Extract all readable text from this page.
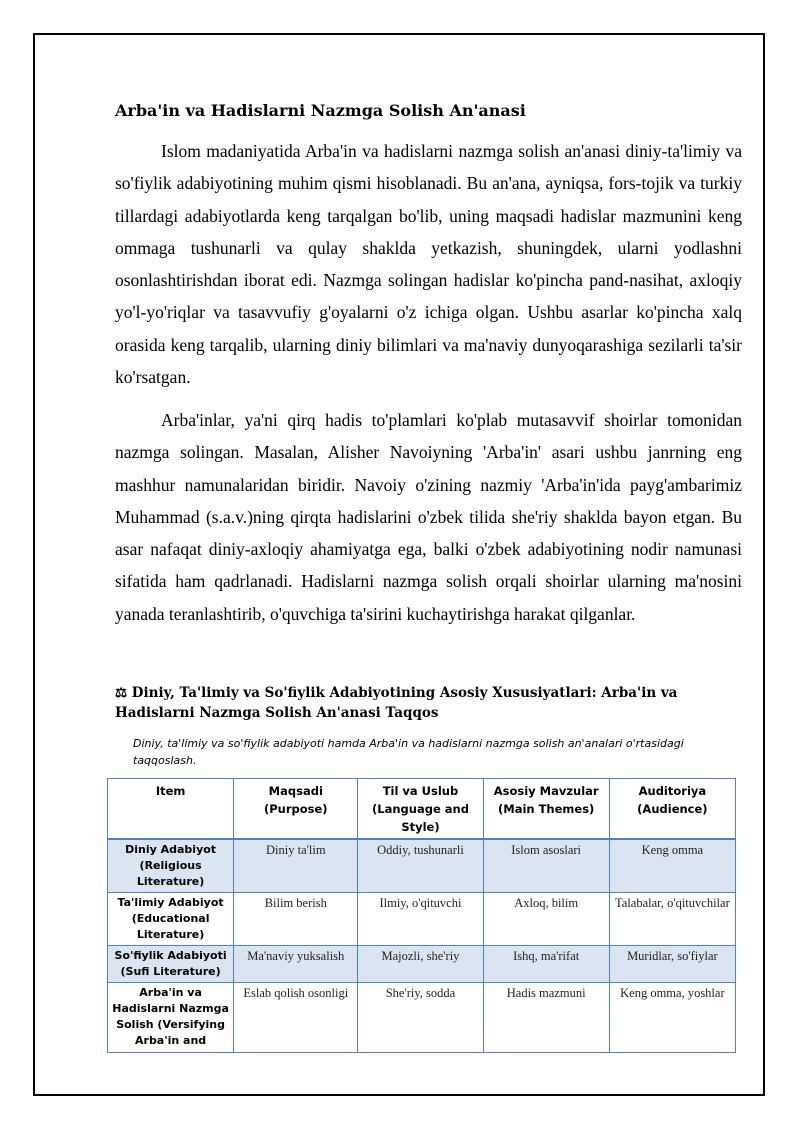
Arba'in va Hadislarni Nazmga Solish An'anasi

Islom madaniyatida Arba'in va hadislarni nazmga solish an'anasi diniy-ta'limiy va so'fiylik adabiyotining muhim qismi hisoblanadi. Bu an'ana, ayniqsa, fors-tojik va turkiy tillardagi adabiyotlarda keng tarqalgan bo'lib, uning maqsadi hadislar mazmunini keng ommaga tushunarli va qulay shaklda yetkazish, shuningdek, ularni yodlashni osonlashtirishdan iborat edi. Nazmga solingan hadislar ko'pincha pand-nasihat, axloqiy yo'l-yo'riqlar va tasavvufiy g'oyalarni o'z ichiga olgan. Ushbu asarlar ko'pincha xalq orasida keng tarqalib, ularning diniy bilimlari va ma'naviy dunyoqarashiga sezilarli ta'sir ko'rsatgan.

Arba'inlar, ya'ni qirq hadis to'plamlari ko'plab mutasavvif shoirlar tomonidan nazmga solingan. Masalan, Alisher Navoiyning 'Arba'in' asari ushbu janrning eng mashhur namunalaridan biridir. Navoiy o'zining nazmiy 'Arba'in'ida payg'ambarimiz Muhammad (s.a.v.)ning qirqta hadislarini o'zbek tilida she'riy shaklda bayon etgan. Bu asar nafaqat diniy-axloqiy ahamiyatga ega, balki o'zbek adabiyotining nodir namunasi sifatida ham qadrlanadi. Hadislarni nazmga solish orqali shoirlar ularning ma'nosini yanada teranlashtirib, o'quvchiga ta'sirini kuchaytirishga harakat qilganlar.

⚖ Diniy, Ta'limiy va So'fiylik Adabiyotining Asosiy Xususiyatlari: Arba'in va Hadislarni Nazmga Solish An'anasi Taqqos

Diniy, ta'limiy va so'fiylik adabiyoti hamda Arba'in va hadislarni nazmga solish an'analari o'rtasidagi taqqoslash.

Item	Maqsadi (Purpose)	Til va Uslub (Language and Style)	Asosiy Mavzular (Main Themes)	Auditoriya (Audience)
Diniy Adabiyot (Religious Literature)	Diniy ta'lim	Oddiy, tushunarli	Islom asoslari	Keng omma
Ta'limiy Adabiyot (Educational Literature)	Bilim berish	Ilmiy, o'qituvchi	Axloq, bilim	Talabalar, o'qituvchilar
So'fiylik Adabiyoti (Sufi Literature)	Ma'naviy yuksalish	Majozli, she'riy	Ishq, ma'rifat	Muridlar, so'fiylar
Arba'in va Hadislarni Nazmga Solish (Versifying Arba'in and	Eslab qolish osonligi	She'riy, sodda	Hadis mazmuni	Keng omma, yoshlar
